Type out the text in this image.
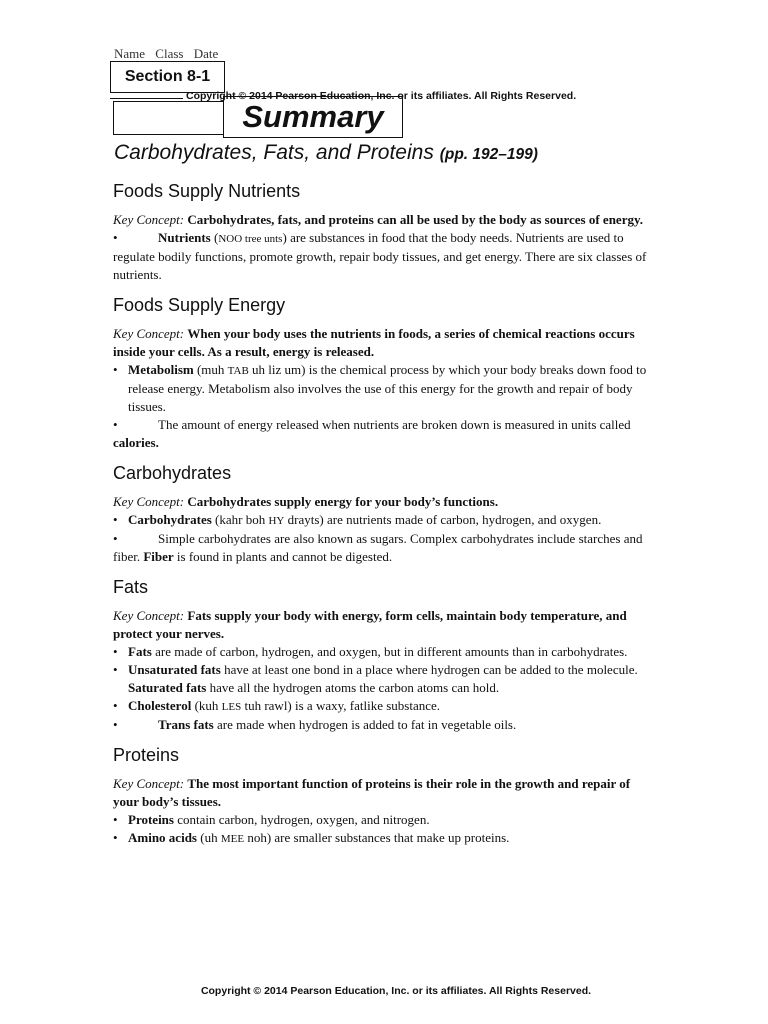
Name Class Date
Section 8-1
Copyright © 2014 Pearson Education, Inc. or its affiliates. All Rights Reserved.
Summary
Carbohydrates, Fats, and Proteins (pp. 192–199)
Foods Supply Nutrients

Key Concept: Carbohydrates, fats, and proteins can all be used by the body as sources of energy.

•	Nutrients (NOO tree unts) are substances in food that the body needs. Nutrients are used to regulate bodily functions, promote growth, repair body tissues, and get energy. There are six classes of nutrients.

Foods Supply Energy

Key Concept: When your body uses the nutrients in foods, a series of chemical reactions occurs inside your cells. As a result, energy is released.

• Metabolism (muh TAB uh liz um) is the chemical process by which your body breaks down food to release energy. Metabolism also involves the use of this energy for the growth and repair of body tissues.

•	The amount of energy released when nutrients are broken down is measured in units called calories.

Carbohydrates

Key Concept: Carbohydrates supply energy for your body’s functions.

• Carbohydrates (kahr boh HY drayts) are nutrients made of carbon, hydrogen, and oxygen.

•	Simple carbohydrates are also known as sugars. Complex carbohydrates include starches and fiber. Fiber is found in plants and cannot be digested.

Fats

Key Concept: Fats supply your body with energy, form cells, maintain body temperature, and protect your nerves.

• Fats are made of carbon, hydrogen, and oxygen, but in different amounts than in carbohydrates.
• Unsaturated fats have at least one bond in a place where hydrogen can be added to the molecule. Saturated fats have all the hydrogen atoms the carbon atoms can hold.
• Cholesterol (kuh LES tuh rawl) is a waxy, fatlike substance.

•	Trans fats are made when hydrogen is added to fat in vegetable oils.

Proteins

Key Concept: The most important function of proteins is their role in the growth and repair of your body’s tissues.

• Proteins contain carbon, hydrogen, oxygen, and nitrogen.
• Amino acids (uh MEE noh) are smaller substances that make up proteins.
Copyright © 2014 Pearson Education, Inc. or its affiliates. All Rights Reserved.
